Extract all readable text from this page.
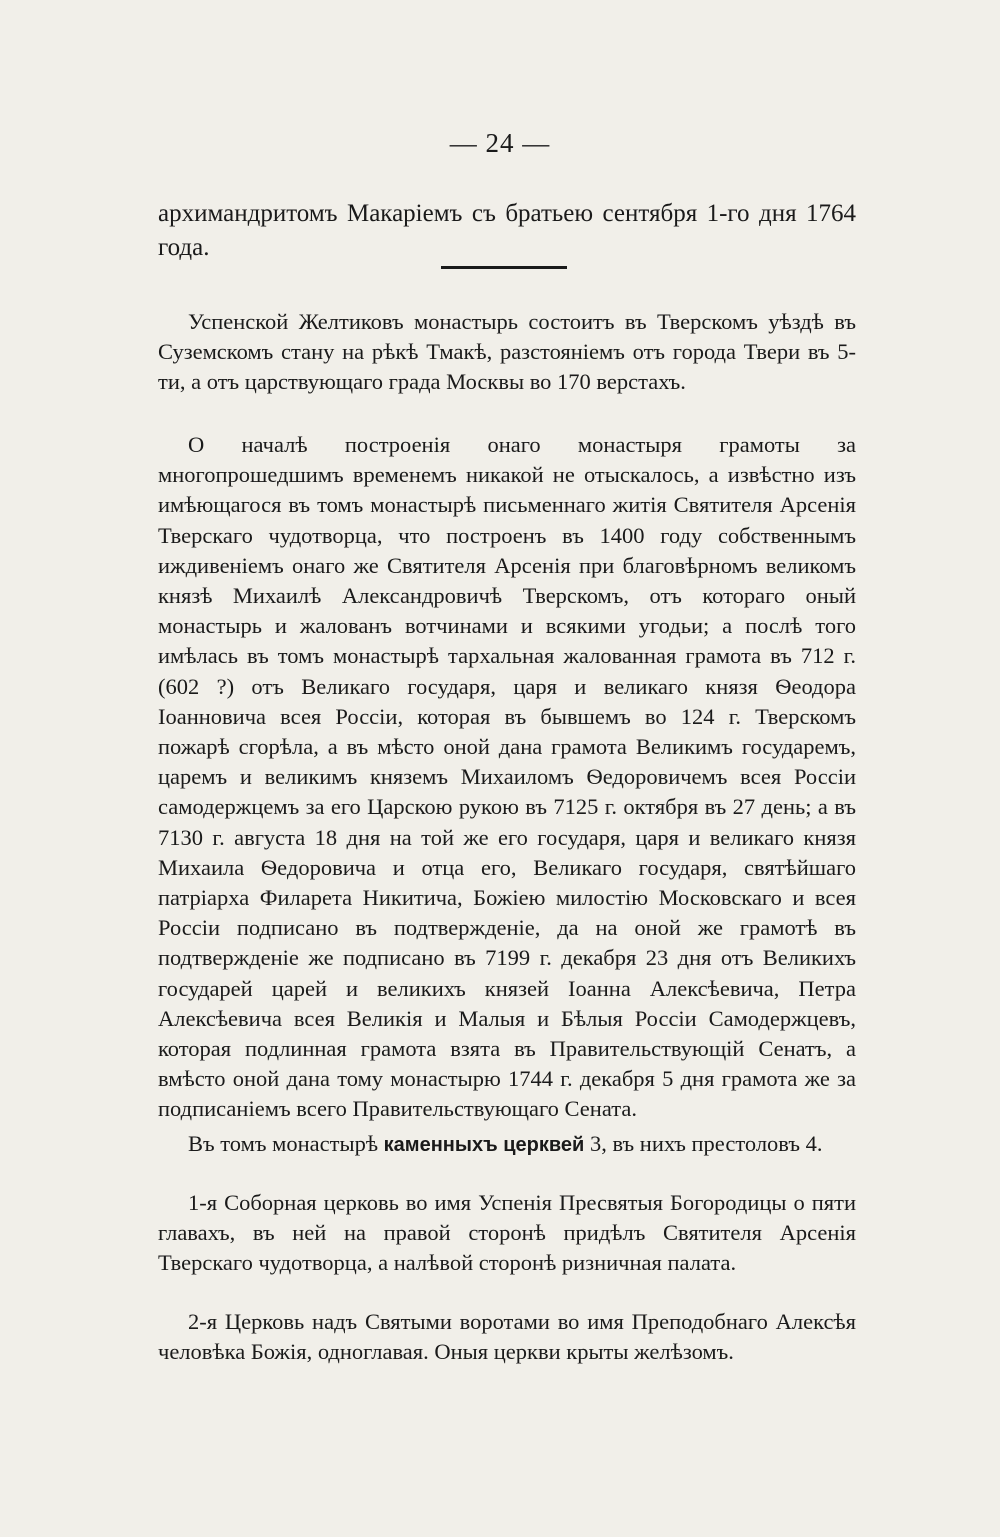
— 24 —
архимандритомъ Макаріемъ съ братьею сентября 1-го дня 1764 года.
Успенской Желтиковъ монастырь состоитъ въ Тверскомъ уѣздѣ въ Суземскомъ стану на рѣкѣ Тмакѣ, разстояніемъ отъ города Твери въ 5-ти, а отъ царствующаго града Москвы во 170 верстахъ.
О началѣ построенія онаго монастыря грамоты за многопрошедшимъ временемъ никакой не отыскалось, а извѣстно изъ имѣющагося въ томъ монастырѣ письменнаго житія Святителя Арсенія Тверскаго чудотворца, что построенъ въ 1400 году собственнымъ иждивеніемъ онаго же Святителя Арсенія при благовѣрномъ великомъ князѣ Михаилѣ Александровичѣ Тверскомъ, отъ котораго оный монастырь и жалованъ вотчинами и всякими угодьи; а послѣ того имѣлась въ томъ монастырѣ тархальная жалованная грамота въ 712 г. (602 ?) отъ Великаго государя, царя и великаго князя Ѳеодора Іоанновича всея Россіи, которая въ бывшемъ во 124 г. Тверскомъ пожарѣ сгорѣла, а въ мѣсто оной дана грамота Великимъ государемъ, царемъ и великимъ княземъ Михаиломъ Ѳедоровичемъ всея Россіи самодержцемъ за его Царскою рукою въ 7125 г. октября въ 27 день; а въ 7130 г. августа 18 дня на той же его государя, царя и великаго князя Михаила Ѳедоровича и отца его, Великаго государя, святѣйшаго патріарха Филарета Никитича, Божіею милостію Московскаго и всея Россіи подписано въ подтвержденіе, да на оной же грамотѣ въ подтвержденіе же подписано въ 7199 г. декабря 23 дня отъ Великихъ государей царей и великихъ князей Іоанна Алексѣевича, Петра Алексѣевича всея Великія и Малыя и Бѣлыя Россіи Самодержцевъ, которая подлинная грамота взята въ Правительствующій Сенатъ, а вмѣсто оной дана тому монастырю 1744 г. декабря 5 дня грамота же за подписаніемъ всего Правительствующаго Сената.
Въ томъ монастырѣ каменныхъ церквей 3, въ нихъ престоловъ 4.
1-я Соборная церковь во имя Успенія Пресвятыя Богородицы о пяти главахъ, въ ней на правой сторонѣ придѣлъ Святителя Арсенія Тверскаго чудотворца, а налѣвой сторонѣ ризничная палата.
2-я Церковь надъ Святыми воротами во имя Преподобнаго Алексѣя человѣка Божія, одноглавая. Оныя церкви крыты желѣзомъ.
